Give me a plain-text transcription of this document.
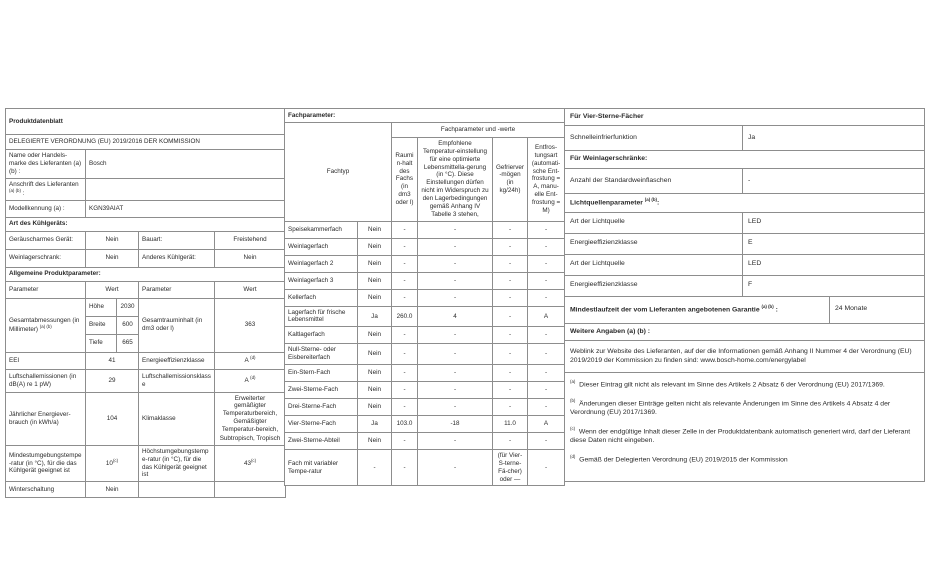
Produktdatenblatt				
DELEGIERTE VERORDNUNG (EU) 2019/2016 DER KOMMISSION				
Name oder Handels-marke des Lieferanten (a) (b) :	Bosch			
Anschrift des Lieferanten $^{(a) (b)}$ :				
Modellkennung (a) :	KGN39AIAT			
Art des Kühlgeräts:				
Geräuscharmes Gerät:	Nein		Bauart:	Freistehend
Weinlagerschrank:	Nein		Anderes Kühlgerät:	Nein
Allgemeine Produktparameter:				
Parameter	Wert		Parameter	Wert
Gesamtabmessungen (in Millimeter) $^{(a) (b)}$	Höhe	2030	Gesamtrauminhalt (in dm3 oder l)	363
	Breite	600		
	Tiefe	665		
EEI	41		Energieeffizienzklasse	A $^{(d)}$
Luftschallemissionen (in dB(A) re 1 pW)	29		Luftschallemissionsklasse	A $^{(d)}$
Jährlicher Energiever-brauch (in kWh/a)	104		Klimaklasse	Erweiterter gemäßigter Temperaturbereich, Gemäßigter Temperatur-bereich, Subtropisch, Tropisch
Mindestumgebungstempe-ratur (in °C), für die das Kühlgerät geeignet ist	10$^{(c)}$		Höchstumgebungstempe-ratur (in °C), für die das Kühlgerät geeignet ist	43$^{(c)}$
Winterschaltung	Nein			
Fachparameter:					
Fachtyp		Fachparameter und -werte			
		Raumin-halt des Fachs (in dm3 oder l)	Empfohlene Temperatur-einstellung für eine optimierte Lebensmittella-gerung (in °C). Diese Einstellungen dürfen nicht im Widerspruch zu den Lagerbedingungen gemäß Anhang IV Tabelle 3 stehen,	Gefrierver-mögen (in kg/24h)	Entfros-tungsart (automati-sche Ent-frostung = A, manu-elle Ent-frostung = M)
Speisekammerfach	Nein	-	-	-	-
Weinlagerfach	Nein	-	-	-	-
Weinlagerfach 2	Nein	-	-	-	-
Weinlagerfach 3	Nein	-	-	-	-
Kellerfach	Nein	-	-	-	-
Lagerfach für frische Lebensmittel	Ja	260.0	4	-	A
Kaltlagerfach	Nein	-	-	-	-
Null-Sterne- oder Eisbereiterfach	Nein	-	-	-	-
Ein-Stern-Fach	Nein	-	-	-	-
Zwei-Sterne-Fach	Nein	-	-	-	-
Drei-Sterne-Fach	Nein	-	-	-	-
Vier-Sterne-Fach	Ja	103.0	-18	11.0	A
Zwei-Sterne-Abteil	Nein	-	-	-	-
Fach mit variabler Tempe-ratur	-	-	-	(für Vier-S-terne-Fä-cher) oder —	-
Für Vier-Sterne-Fächer		
Schnelleinfrierfunktion	Ja	
Für Weinlagerschränke:		
Anzahl der Standardweinflaschen	-	
Lichtquellenparameter $^{(a) (b)}$:		
Art der Lichtquelle	LED	
Energieeffizienzklasse	E	
Art der Lichtquelle	LED	
Energieeffizienzklasse	F	
Mindestlaufzeit der vom Lieferanten angebotenen Garantie $^{(a) (b)}$ :		24 Monate
Weitere Angaben (a) (b) :		
Weblink zur Website des Lieferanten, auf der die Informationen gemäß Anhang II Nummer 4 der Verordnung (EU) 2019/2019 der Kommission zu finden sind: www.bosch-home.com/energylabel		

$^{(a)}$ Dieser Eintrag gilt nicht als relevant im Sinne des Artikels 2 Absatz 6 der Verordnung (EU) 2017/1369.

$^{(b)}$ Änderungen dieser Einträge gelten nicht als relevante Änderungen im Sinne des Artikels 4 Absatz 4 der Verordnung (EU) 2017/1369.

$^{(c)}$ Wenn der endgültige Inhalt dieser Zelle in der Produktdatenbank automatisch generiert wird, darf der Lieferant diese Daten nicht eingeben.

$^{(d)}$ Gemäß der Delegierten Verordnung (EU) 2019/2015 der Kommission		
